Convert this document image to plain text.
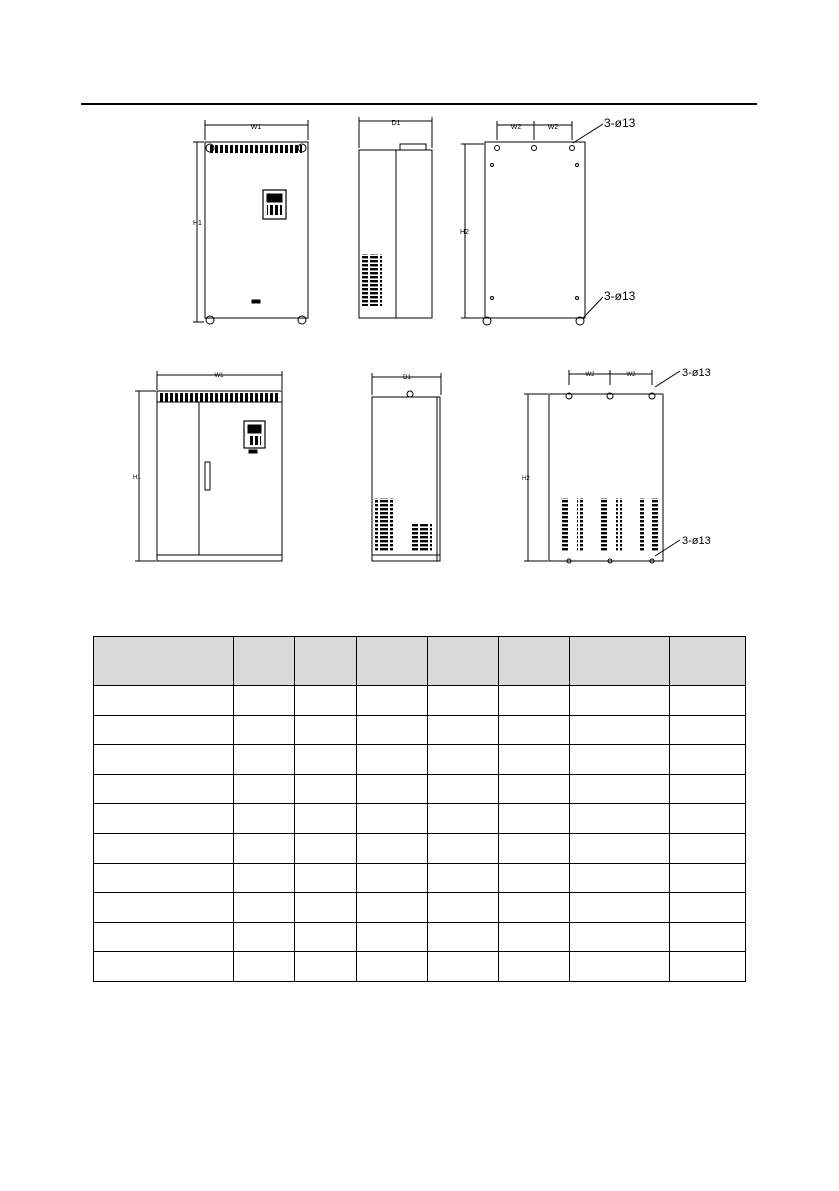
W1
H1
D1
W2	W2	3-ø13
3-ø13
H2
W1
H1
D1	W2	W2	3-ø13
3-ø13
H2
